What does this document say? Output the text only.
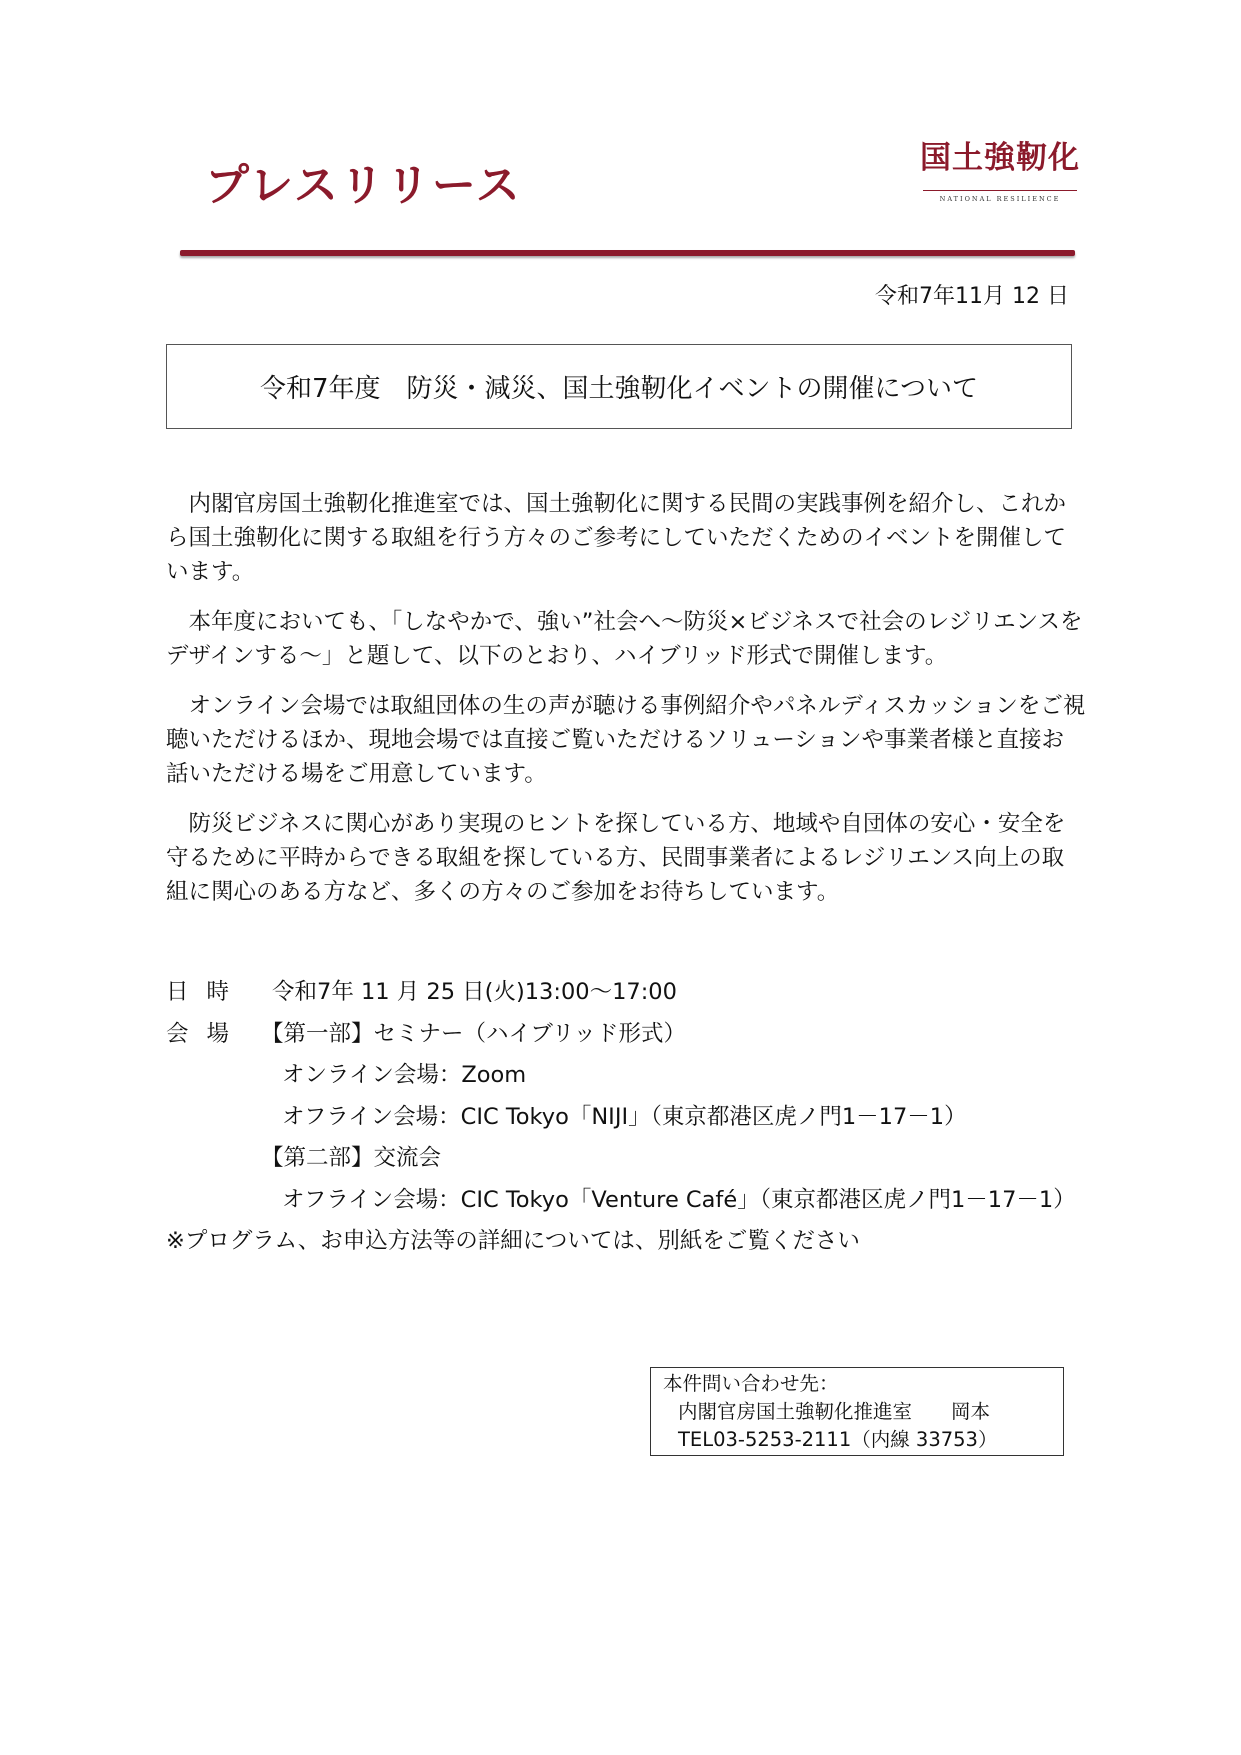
プレスリリース
国土強靭化
NATIONAL RESILIENCE
令和7年11月 12 日
令和7年度　防災・減災、国土強靭化イベントの開催について

内閣官房国土強靭化推進室では、国土強靭化に関する民間の実践事例を紹介し、これから国土強靭化に関する取組を行う方々のご参考にしていただくためのイベントを開催しています。

本年度においても、「しなやかで、強い”社会へ～防災×ビジネスで社会のレジリエンスをデザインする～」と題して、以下のとおり、ハイブリッド形式で開催します。

オンライン会場では取組団体の生の声が聴ける事例紹介やパネルディスカッションをご視聴いただけるほか、現地会場では直接ご覧いただけるソリューションや事業者様と直接お話いただける場をご用意しています。

防災ビジネスに関心があり実現のヒントを探している方、地域や自団体の安心・安全を守るために平時からできる取組を探している方、民間事業者によるレジリエンス向上の取組に関心のある方など、多くの方々のご参加をお待ちしています。

日時 令和7年 11 月 25 日(火)13:00～17:00
会場 【第一部】セミナー（ハイブリッド形式）
オンライン会場：Zoom
オフライン会場：CIC Tokyo「NIJI」（東京都港区虎ノ門1－17－1）
【第二部】交流会
オフライン会場：CIC Tokyo「Venture Café」（東京都港区虎ノ門1－17－1）
※プログラム、お申込方法等の詳細については、別紙をご覧ください
本件問い合わせ先：
内閣官房国土強靭化推進室　　岡本
TEL03-5253-2111（内線 33753）
